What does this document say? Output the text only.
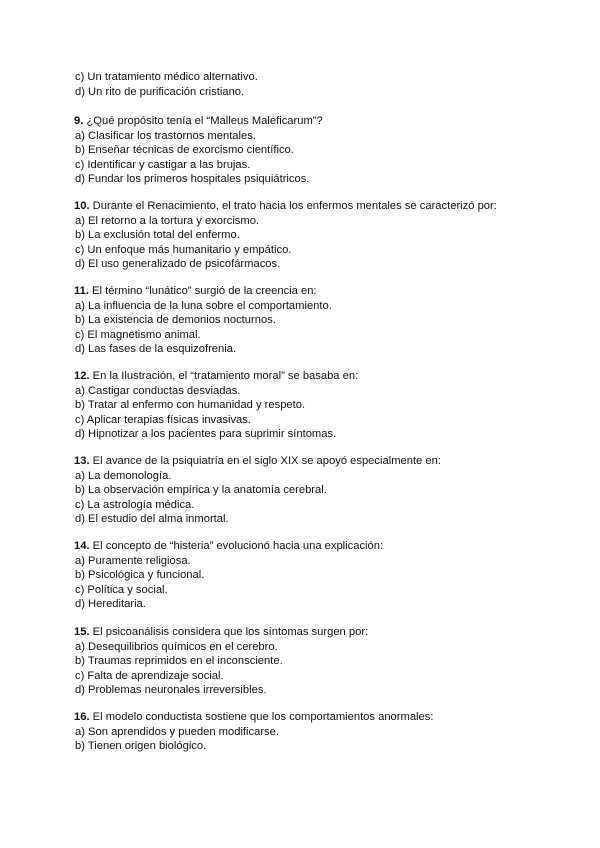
c) Un tratamiento médico alternativo.
d) Un rito de purificación cristiano.
9. ¿Qué propósito tenía el “Malleus Maleficarum”?
a) Clasificar los trastornos mentales.
b) Enseñar técnicas de exorcismo científico.
c) Identificar y castigar a las brujas.
d) Fundar los primeros hospitales psiquiátricos.
10. Durante el Renacimiento, el trato hacia los enfermos mentales se caracterizó por:
a) El retorno a la tortura y exorcismo.
b) La exclusión total del enfermo.
c) Un enfoque más humanitario y empático.
d) El uso generalizado de psicofármacos.
11. El término “lunático” surgió de la creencia en:
a) La influencia de la luna sobre el comportamiento.
b) La existencia de demonios nocturnos.
c) El magnetismo animal.
d) Las fases de la esquizofrenia.
12. En la Ilustración, el “tratamiento moral” se basaba en:
a) Castigar conductas desviadas.
b) Tratar al enfermo con humanidad y respeto.
c) Aplicar terapias físicas invasivas.
d) Hipnotizar a los pacientes para suprimir síntomas.
13. El avance de la psiquiatría en el siglo XIX se apoyó especialmente en:
a) La demonología.
b) La observación empírica y la anatomía cerebral.
c) La astrología médica.
d) El estudio del alma inmortal.
14. El concepto de “histeria” evolucionó hacia una explicación:
a) Puramente religiosa.
b) Psicológica y funcional.
c) Política y social.
d) Hereditaria.
15. El psicoanálisis considera que los síntomas surgen por:
a) Desequilibrios químicos en el cerebro.
b) Traumas reprimidos en el inconsciente.
c) Falta de aprendizaje social.
d) Problemas neuronales irreversibles.
16. El modelo conductista sostiene que los comportamientos anormales:
a) Son aprendidos y pueden modificarse.
b) Tienen origen biológico.
